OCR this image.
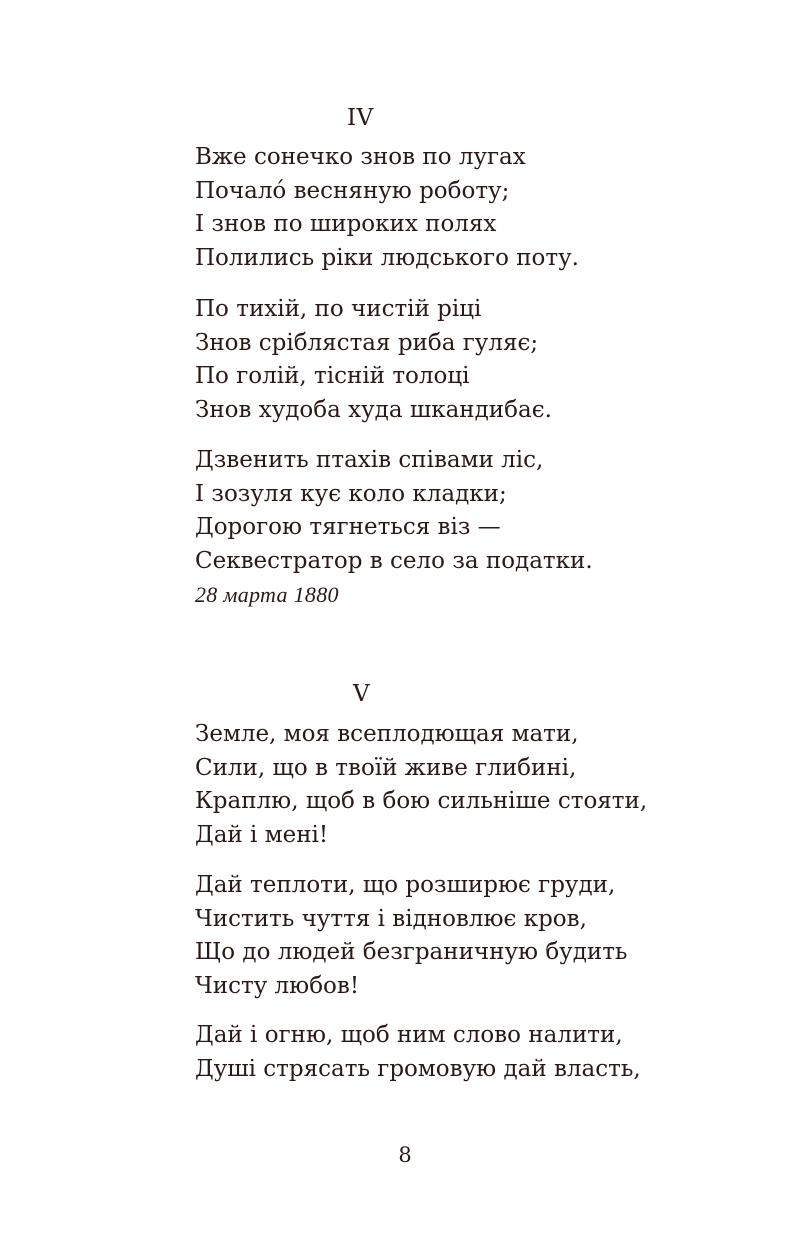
IV
Вже сонечко знов по лугах
Почало́ весняную роботу;
І знов по широких полях
Полились ріки людського поту.
По тихій, по чистій ріці
Знов сріблястая риба гуляє;
По голій, тісній толоці
Знов худоба худа шкандибає.
Дзвенить птахів співами ліс,
І зозуля кує коло кладки;
Дорогою тягнеться віз —
Секвестратор в село за податки.
28 марта 1880
V
Земле, моя всеплодющая мати,
Сили, що в твоїй живе глибині,
Краплю, щоб в бою сильніше стояти,
Дай і мені!
Дай теплоти, що розширює груди,
Чистить чуття і відновлює кров,
Що до людей безграничную будить
Чисту любов!
Дай і огню, щоб ним слово налити,
Душі стрясать громовую дай власть,
8
